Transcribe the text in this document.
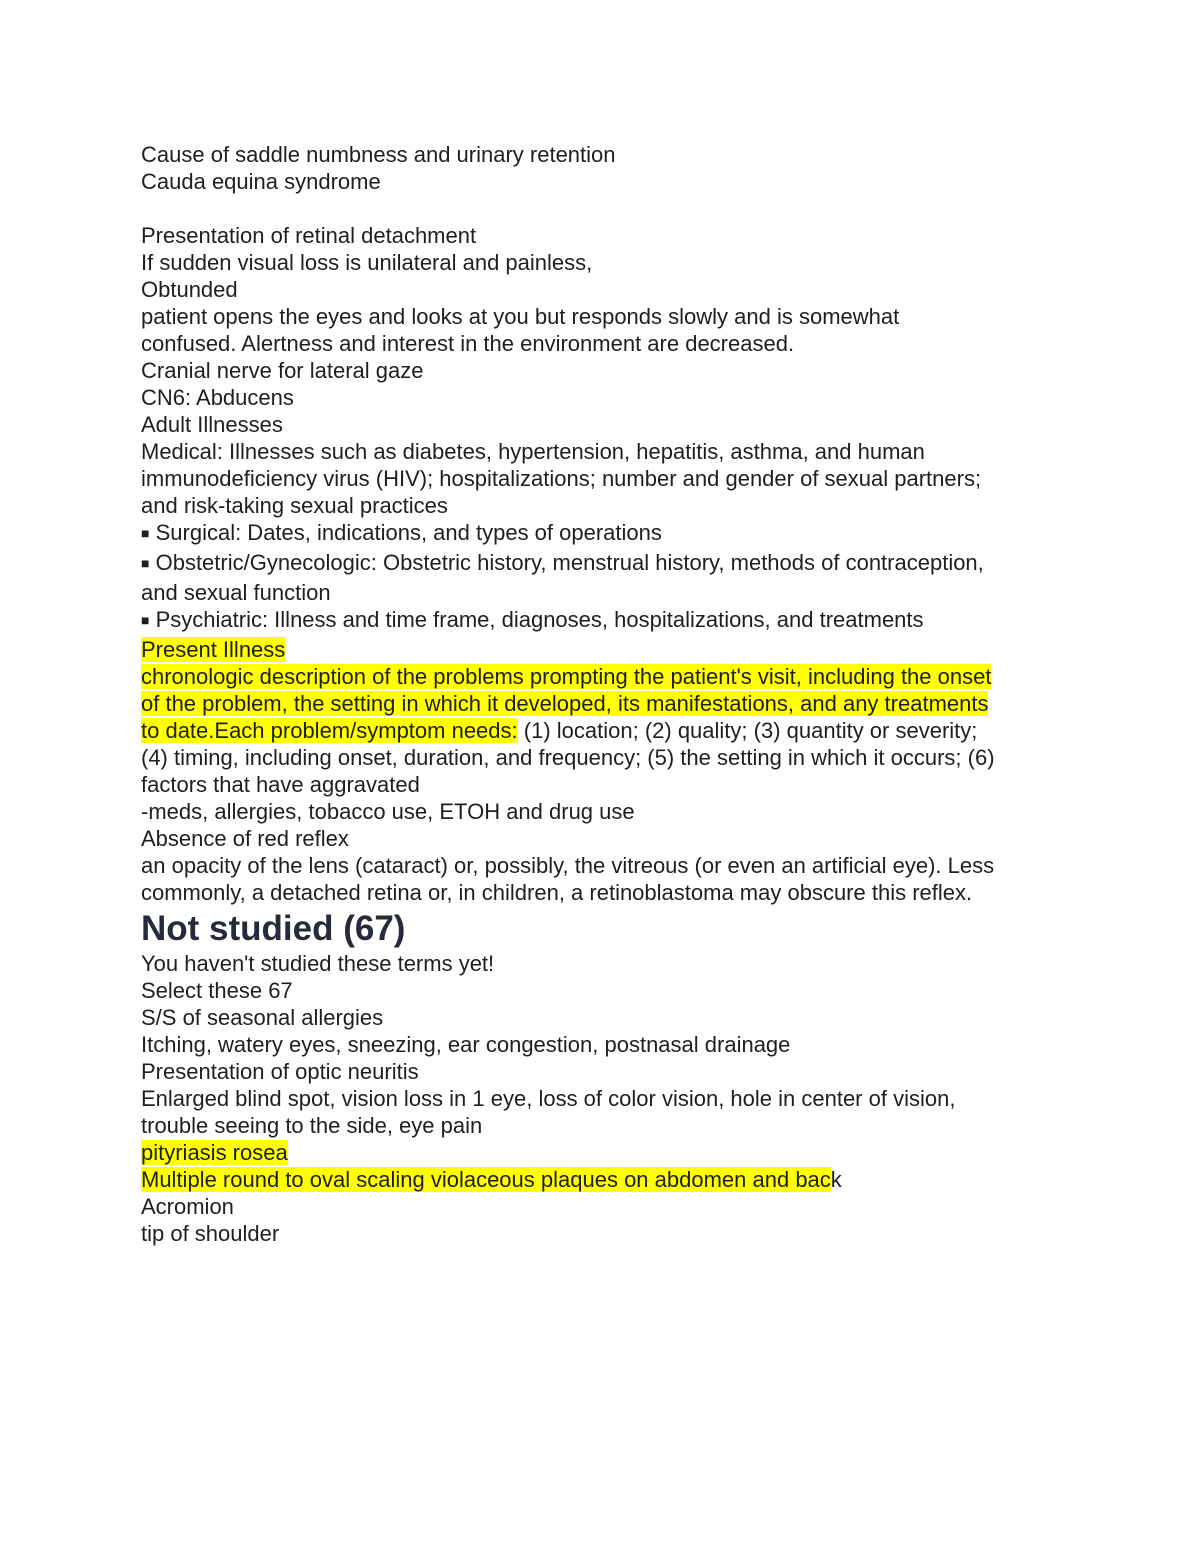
Cause of saddle numbness and urinary retention
Cauda equina syndrome
Presentation of retinal detachment
If sudden visual loss is unilateral and painless,
Obtunded
patient opens the eyes and looks at you but responds slowly and is somewhat
confused. Alertness and interest in the environment are decreased.
Cranial nerve for lateral gaze
CN6: Abducens
Adult Illnesses
Medical: Illnesses such as diabetes, hypertension, hepatitis, asthma, and human
immunodeficiency virus (HIV); hospitalizations; number and gender of sexual partners;
and risk-taking sexual practices
■ Surgical: Dates, indications, and types of operations
■ Obstetric/Gynecologic: Obstetric history, menstrual history, methods of contraception,
and sexual function
■ Psychiatric: Illness and time frame, diagnoses, hospitalizations, and treatments
Present Illness
chronologic description of the problems prompting the patient's visit, including the onset
of the problem, the setting in which it developed, its manifestations, and any treatments
to date.Each problem/symptom needs: (1) location; (2) quality; (3) quantity or severity;
(4) timing, including onset, duration, and frequency; (5) the setting in which it occurs; (6)
factors that have aggravated
-meds, allergies, tobacco use, ETOH and drug use
Absence of red reflex
an opacity of the lens (cataract) or, possibly, the vitreous (or even an artificial eye). Less
commonly, a detached retina or, in children, a retinoblastoma may obscure this reflex.
Not studied (67)
You haven't studied these terms yet!
Select these 67
S/S of seasonal allergies
Itching, watery eyes, sneezing, ear congestion, postnasal drainage
Presentation of optic neuritis
Enlarged blind spot, vision loss in 1 eye, loss of color vision, hole in center of vision,
trouble seeing to the side, eye pain
pityriasis rosea
Multiple round to oval scaling violaceous plaques on abdomen and back
Acromion
tip of shoulder
